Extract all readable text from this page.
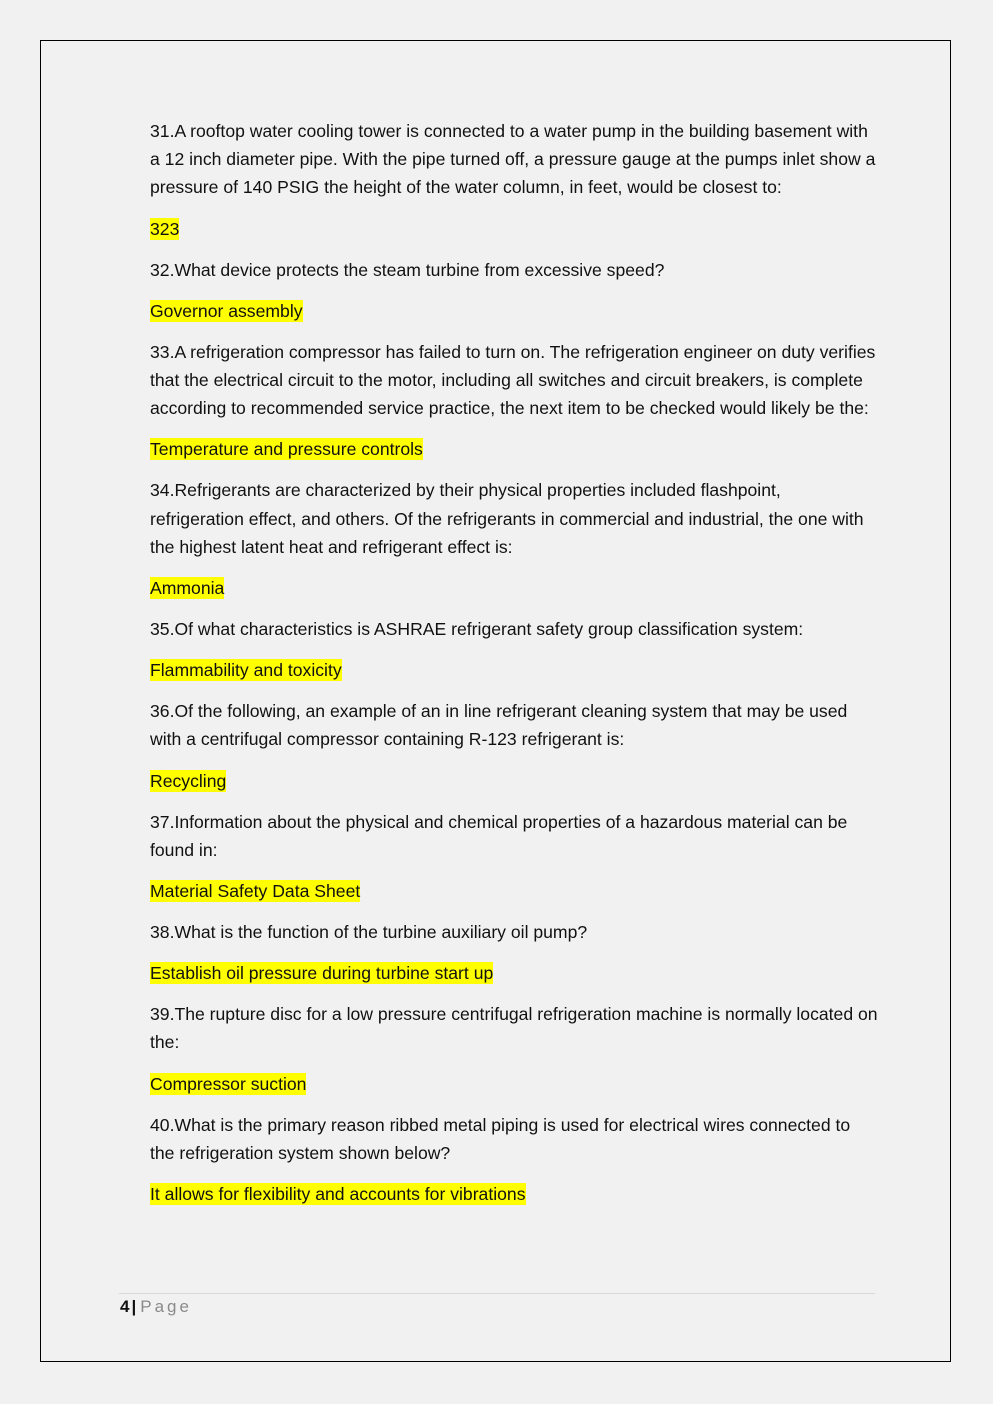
31.A rooftop water cooling tower is connected to a water pump in the building basement with a 12 inch diameter pipe. With the pipe turned off, a pressure gauge at the pumps inlet show a pressure of 140 PSIG the height of the water column, in feet, would be closest to:

323

32.What device protects the steam turbine from excessive speed?

Governor assembly

33.A refrigeration compressor has failed to turn on. The refrigeration engineer on duty verifies that the electrical circuit to the motor, including all switches and circuit breakers, is complete according to recommended service practice, the next item to be checked would likely be the:

Temperature and pressure controls

34.Refrigerants are characterized by their physical properties included flashpoint, refrigeration effect, and others. Of the refrigerants in commercial and industrial, the one with the highest latent heat and refrigerant effect is:

Ammonia

35.Of what characteristics is ASHRAE refrigerant safety group classification system:

Flammability and toxicity

36.Of the following, an example of an in line refrigerant cleaning system that may be used with a centrifugal compressor containing R-123 refrigerant is:

Recycling

37.Information about the physical and chemical properties of a hazardous material can be found in:

Material Safety Data Sheet

38.What is the function of the turbine auxiliary oil pump?

Establish oil pressure during turbine start up

39.The rupture disc for a low pressure centrifugal refrigeration machine is normally located on the:

Compressor suction

40.What is the primary reason ribbed metal piping is used for electrical wires connected to the refrigeration system shown below?

It allows for flexibility and accounts for vibrations

4 | Page
